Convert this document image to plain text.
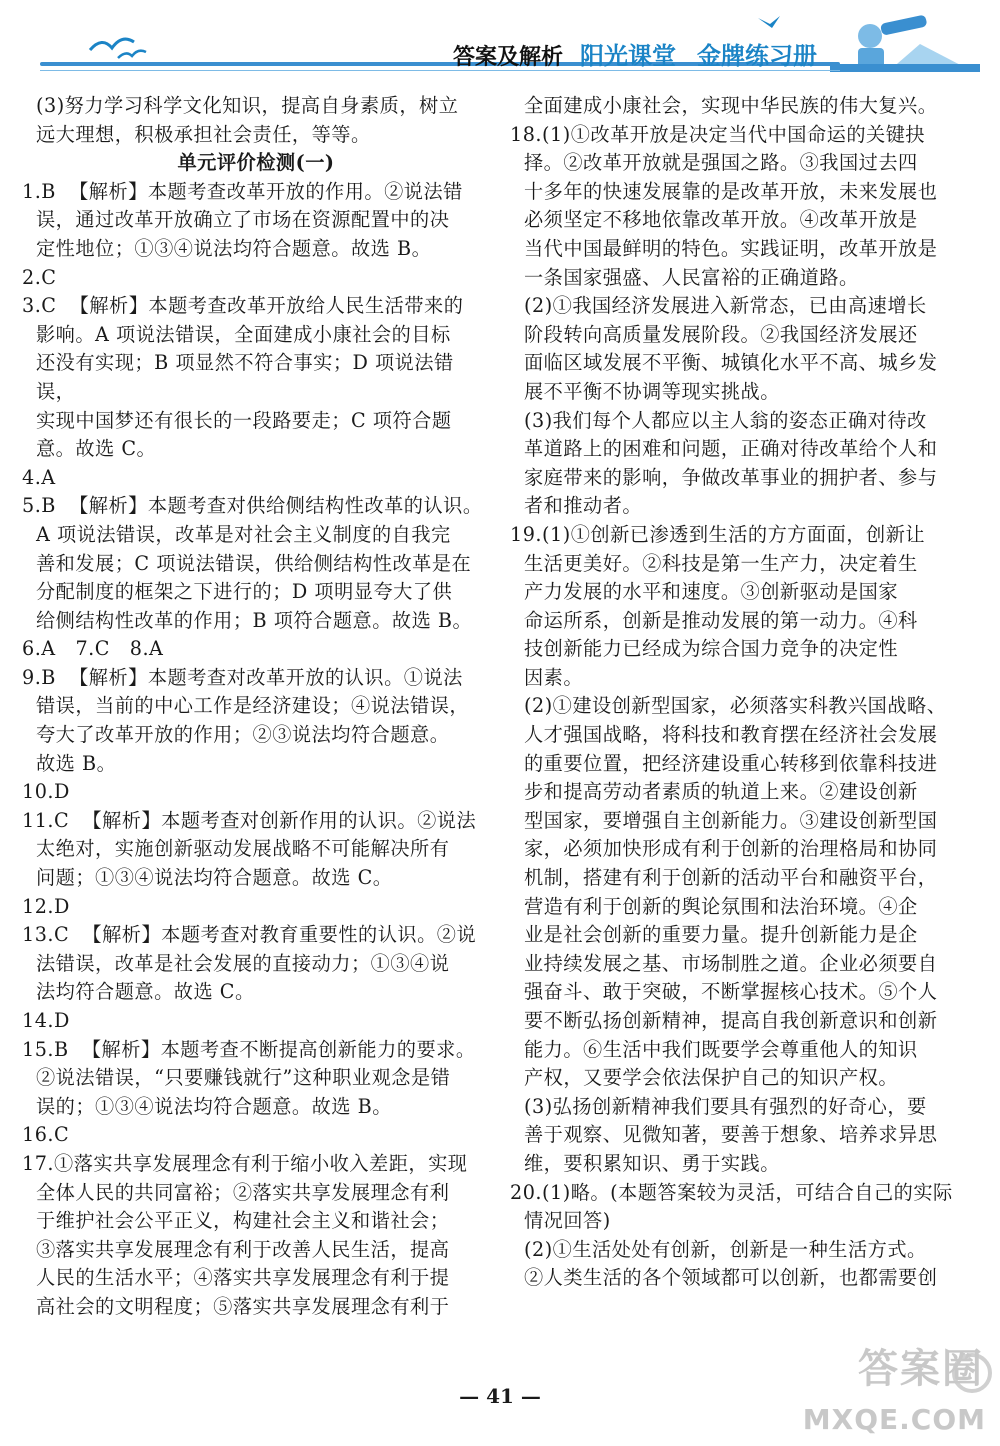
答案及解析 阳光课堂 金牌练习册

(3)努力学习科学文化知识，提高自身素质，树立

远大理想，积极承担社会责任，等等。

单元评价检测(一)

1.B  【解析】本题考查改革开放的作用。②说法错

误，通过改革开放确立了市场在资源配置中的决

定性地位；①③④说法均符合题意。故选 B。

2.C

3.C  【解析】本题考查改革开放给人民生活带来的

影响。A 项说法错误，全面建成小康社会的目标

还没有实现；B 项显然不符合事实；D 项说法错误，

实现中国梦还有很长的一段路要走；C 项符合题

意。故选 C。

4.A

5.B  【解析】本题考查对供给侧结构性改革的认识。

A 项说法错误，改革是对社会主义制度的自我完

善和发展；C 项说法错误，供给侧结构性改革是在

分配制度的框架之下进行的；D 项明显夸大了供

给侧结构性改革的作用；B 项符合题意。故选 B。

6.A   7.C   8.A

9.B  【解析】本题考查对改革开放的认识。①说法

错误，当前的中心工作是经济建设；④说法错误，

夸大了改革开放的作用；②③说法均符合题意。

故选 B。

10.D

11.C  【解析】本题考查对创新作用的认识。②说法

太绝对，实施创新驱动发展战略不可能解决所有

问题；①③④说法均符合题意。故选 C。

12.D

13.C  【解析】本题考查对教育重要性的认识。②说

法错误，改革是社会发展的直接动力；①③④说

法均符合题意。故选 C。

14.D

15.B  【解析】本题考查不断提高创新能力的要求。

②说法错误，“只要赚钱就行”这种职业观念是错

误的；①③④说法均符合题意。故选 B。

16.C

17.①落实共享发展理念有利于缩小收入差距，实现

全体人民的共同富裕；②落实共享发展理念有利

于维护社会公平正义，构建社会主义和谐社会；

③落实共享发展理念有利于改善人民生活，提高

人民的生活水平；④落实共享发展理念有利于提

高社会的文明程度；⑤落实共享发展理念有利于

全面建成小康社会，实现中华民族的伟大复兴。

18.(1)①改革开放是决定当代中国命运的关键抉

择。②改革开放就是强国之路。③我国过去四

十多年的快速发展靠的是改革开放，未来发展也

必须坚定不移地依靠改革开放。④改革开放是

当代中国最鲜明的特色。实践证明，改革开放是

一条国家强盛、人民富裕的正确道路。

(2)①我国经济发展进入新常态，已由高速增长

阶段转向高质量发展阶段。②我国经济发展还

面临区域发展不平衡、城镇化水平不高、城乡发

展不平衡不协调等现实挑战。

(3)我们每个人都应以主人翁的姿态正确对待改

革道路上的困难和问题，正确对待改革给个人和

家庭带来的影响，争做改革事业的拥护者、参与

者和推动者。

19.(1)①创新已渗透到生活的方方面面，创新让

生活更美好。②科技是第一生产力，决定着生

产力发展的水平和速度。③创新驱动是国家

命运所系，创新是推动发展的第一动力。④科

技创新能力已经成为综合国力竞争的决定性

因素。

(2)①建设创新型国家，必须落实科教兴国战略、

人才强国战略，将科技和教育摆在经济社会发展

的重要位置，把经济建设重心转移到依靠科技进

步和提高劳动者素质的轨道上来。②建设创新

型国家，要增强自主创新能力。③建设创新型国

家，必须加快形成有利于创新的治理格局和协同

机制，搭建有利于创新的活动平台和融资平台，

营造有利于创新的舆论氛围和法治环境。④企

业是社会创新的重要力量。提升创新能力是企

业持续发展之基、市场制胜之道。企业必须要自

强奋斗、敢于突破，不断掌握核心技术。⑤个人

要不断弘扬创新精神，提高自我创新意识和创新

能力。⑥生活中我们既要学会尊重他人的知识

产权，又要学会依法保护自己的知识产权。

(3)弘扬创新精神我们要具有强烈的好奇心，要

善于观察、见微知著，要善于想象、培养求异思

维，要积累知识、勇于实践。

20.(1)略。(本题答案较为灵活，可结合自己的实际

情况回答)

(2)①生活处处有创新，创新是一种生活方式。

②人类生活的各个领域都可以创新，也都需要创

— 41 —
答案圈
MXQE.COM
